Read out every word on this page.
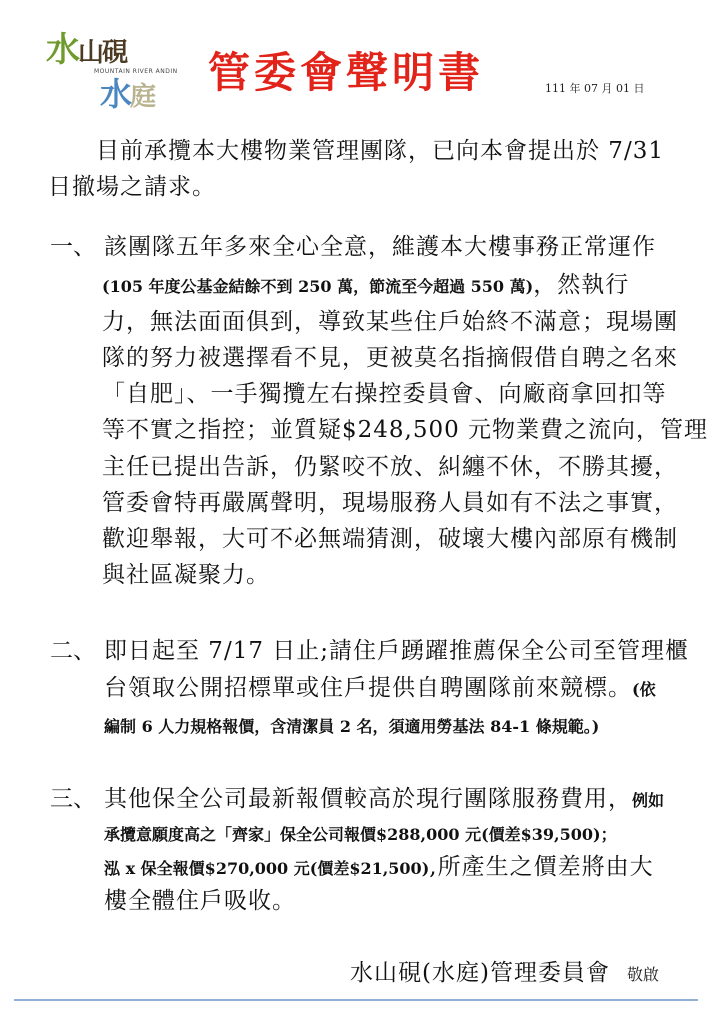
水山硯
MOUNTAIN RIVER ANDIN
水庭 管委會聲明書	111 年 07 月 01 日
　　目前承攬本大樓物業管理團隊，已向本會提出於 7/31
日撤場之請求。
一、 該團隊五年多來全心全意，維護本大樓事務正常運作
(105 年度公基金結餘不到 250 萬，節流至今超過 550 萬)，然執行
力，無法面面俱到，導致某些住戶始終不滿意；現場團
隊的努力被選擇看不見，更被莫名指摘假借自聘之名來
「自肥」、一手獨攬左右操控委員會、向廠商拿回扣等
等不實之指控；並質疑$248,500 元物業費之流向，管理
主任已提出告訴，仍緊咬不放、糾纏不休，不勝其擾，
管委會特再嚴厲聲明，現場服務人員如有不法之事實，
歡迎舉報，大可不必無端猜測，破壞大樓內部原有機制
與社區凝聚力。
二、 即日起至 7/17 日止;請住戶踴躍推薦保全公司至管理櫃
台領取公開招標單或住戶提供自聘團隊前來競標。(依
編制 6 人力規格報價，含清潔員 2 名，須適用勞基法 84-1 條規範。)
三、 其他保全公司最新報價較高於現行團隊服務費用，例如
承攬意願度高之「齊家」保全公司報價$288,000 元(價差$39,500)；
泓 x 保全報價$270,000 元(價差$21,500),所產生之價差將由大
樓全體住戶吸收。
水山硯(水庭)管理委員會 敬啟
